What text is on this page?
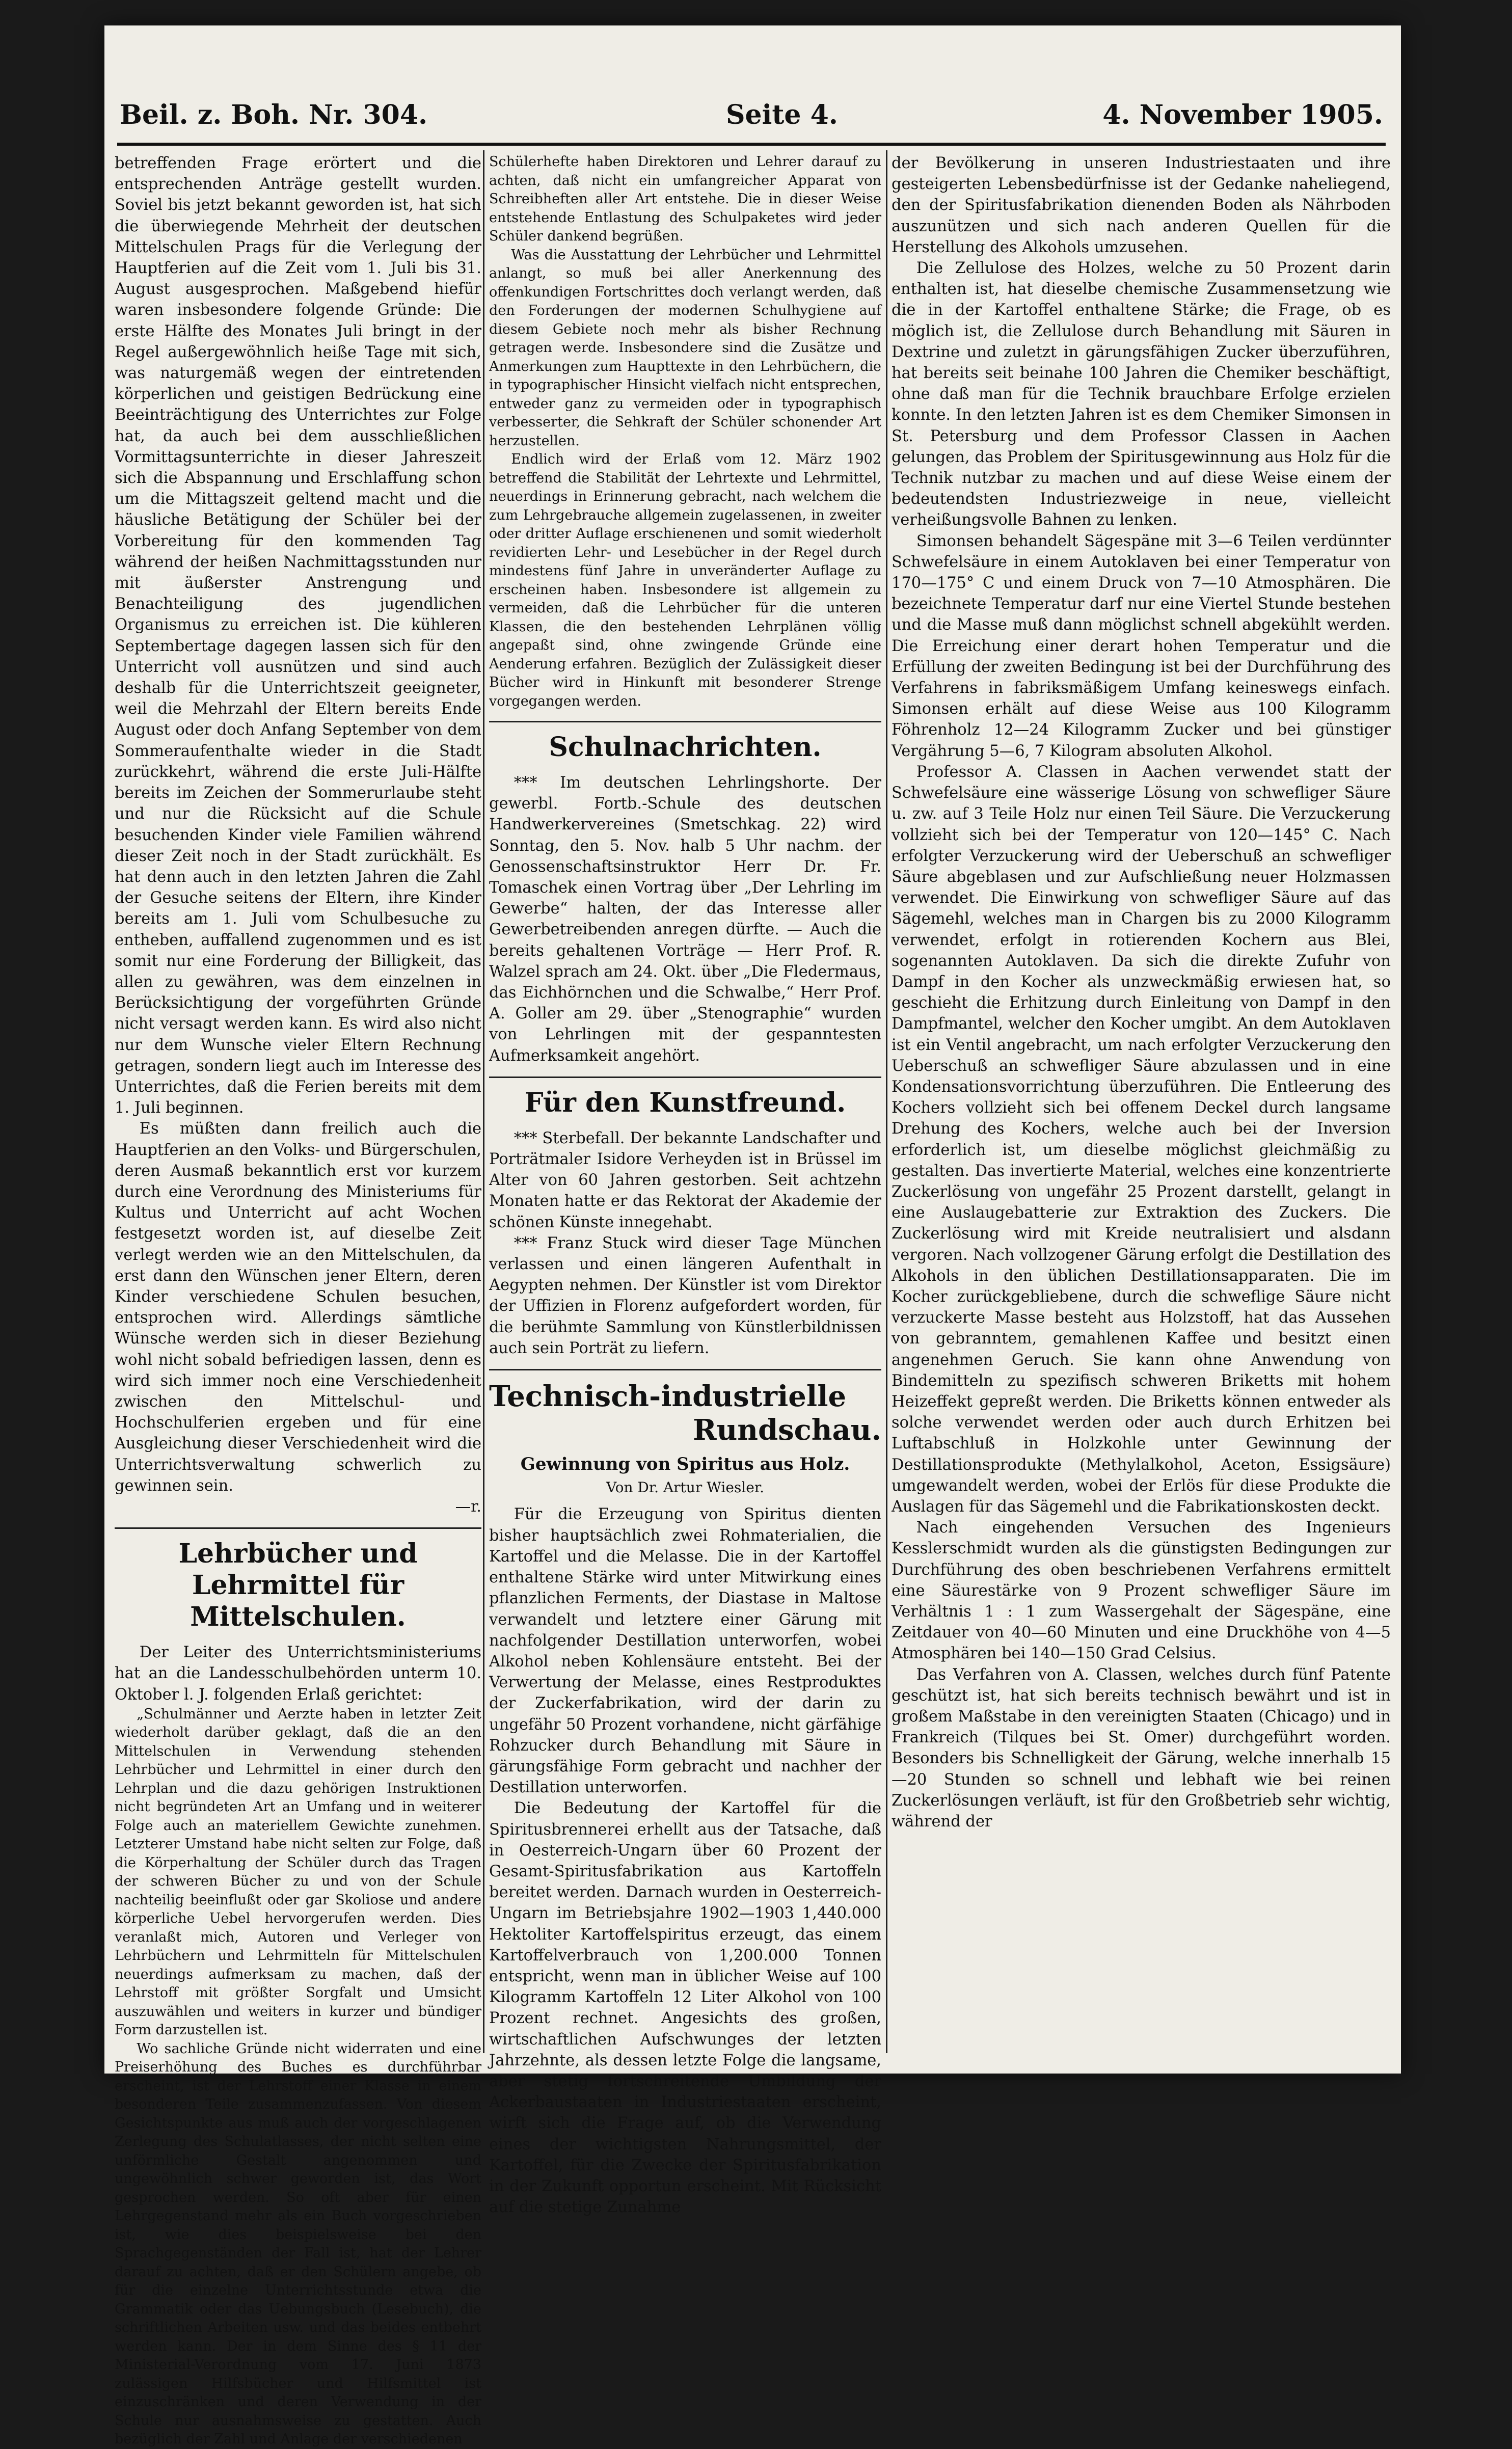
Beil. z. Boh. Nr. 304.	Seite 4.	4. November 1905.

betreffenden Frage erörtert und die entsprechenden Anträge gestellt wurden. Soviel bis jetzt bekannt geworden ist, hat sich die überwiegende Mehrheit der deutschen Mittelschulen Prags für die Verlegung der Hauptferien auf die Zeit vom 1. Juli bis 31. August ausgesprochen. Maßgebend hiefür waren insbesondere folgende Gründe: Die erste Hälfte des Monates Juli bringt in der Regel außergewöhnlich heiße Tage mit sich, was naturgemäß wegen der eintretenden körperlichen und geistigen Bedrückung eine Beeinträchtigung des Unterrichtes zur Folge hat, da auch bei dem ausschließlichen Vormittagsunterrichte in dieser Jahreszeit sich die Abspannung und Erschlaffung schon um die Mittagszeit geltend macht und die häusliche Betätigung der Schüler bei der Vorbereitung für den kommenden Tag während der heißen Nachmittagsstunden nur mit äußerster Anstrengung und Benachteiligung des jugendlichen Organismus zu erreichen ist. Die kühleren Septembertage dagegen lassen sich für den Unterricht voll ausnützen und sind auch deshalb für die Unterrichtszeit geeigneter, weil die Mehrzahl der Eltern bereits Ende August oder doch Anfang September von dem Sommeraufenthalte wieder in die Stadt zurückkehrt, während die erste Juli-Hälfte bereits im Zeichen der Sommerurlaube steht und nur die Rücksicht auf die Schule besuchenden Kinder viele Familien während dieser Zeit noch in der Stadt zurückhält. Es hat denn auch in den letzten Jahren die Zahl der Gesuche seitens der Eltern, ihre Kinder bereits am 1. Juli vom Schulbesuche zu entheben, auffallend zugenommen und es ist somit nur eine Forderung der Billigkeit, das allen zu gewähren, was dem einzelnen in Berücksichtigung der vorgeführten Gründe nicht versagt werden kann. Es wird also nicht nur dem Wunsche vieler Eltern Rechnung getragen, sondern liegt auch im Interesse des Unterrichtes, daß die Ferien bereits mit dem 1. Juli beginnen.

Es müßten dann freilich auch die Hauptferien an den Volks- und Bürgerschulen, deren Ausmaß bekanntlich erst vor kurzem durch eine Verordnung des Ministeriums für Kultus und Unterricht auf acht Wochen festgesetzt worden ist, auf dieselbe Zeit verlegt werden wie an den Mittelschulen, da erst dann den Wünschen jener Eltern, deren Kinder verschiedene Schulen besuchen, entsprochen wird. Allerdings sämtliche Wünsche werden sich in dieser Beziehung wohl nicht sobald befriedigen lassen, denn es wird sich immer noch eine Verschiedenheit zwischen den Mittelschul- und Hochschulferien ergeben und für eine Ausgleichung dieser Verschiedenheit wird die Unterrichtsverwaltung schwerlich zu gewinnen sein.

—r.
Lehrbücher und Lehrmittel für Mittelschulen.

Der Leiter des Unterrichtsministeriums hat an die Landesschulbehörden unterm 10. Oktober l. J. folgenden Erlaß gerichtet:

„Schulmänner und Aerzte haben in letzter Zeit wiederholt darüber geklagt, daß die an den Mittelschulen in Verwendung stehenden Lehrbücher und Lehrmittel in einer durch den Lehrplan und die dazu gehörigen Instruktionen nicht begründeten Art an Umfang und in weiterer Folge auch an materiellem Gewichte zunehmen. Letzterer Umstand habe nicht selten zur Folge, daß die Körperhaltung der Schüler durch das Tragen der schweren Bücher zu und von der Schule nachteilig beeinflußt oder gar Skoliose und andere körperliche Uebel hervorgerufen werden. Dies veranlaßt mich, Autoren und Verleger von Lehrbüchern und Lehrmitteln für Mittelschulen neuerdings aufmerksam zu machen, daß der Lehrstoff mit größter Sorgfalt und Umsicht auszuwählen und weiters in kurzer und bündiger Form darzustellen ist.

Wo sachliche Gründe nicht widerraten und eine Preiserhöhung des Buches es durchführbar erscheint, ist der Lehrstoff einer Klasse in einem besonderen Teile zusammenzufassen. Von diesem Gesichtspunkte aus muß auch der vorgeschlagenen Zerlegung des Schulatlasses, der nicht selten eine unförmliche Gestalt angenommen und ungewöhnlich schwer geworden ist, das Wort gesprochen werden. So oft aber für einen Lehrgegenstand mehr als ein Buch vorgeschrieben ist, wie dies beispielsweise bei den Sprachgegenständen der Fall ist, hat der Lehrer darauf zu achten, daß er den Schülern angebe, ob für die einzelne Unterrichtsstunde etwa die Grammatik oder das Uebungsbuch (Lesebuch), die schriftlichen Arbeiten usw. und das beides entbehrt werden kann. Der in dem Sinne des § 11 der Ministerial-Verordnung vom 17. Juni 1873 zulässigen Hilfsbücher und Hilfsmittel ist einzuschränken und deren Verwendung in der Schule nur ausnahmsweise zu gestatten. Auch bezüglich der Zahl und Anlage der verschiedenen

Schülerhefte haben Direktoren und Lehrer darauf zu achten, daß nicht ein umfangreicher Apparat von Schreibheften aller Art entstehe. Die in dieser Weise entstehende Entlastung des Schulpaketes wird jeder Schüler dankend begrüßen.

Was die Ausstattung der Lehrbücher und Lehrmittel anlangt, so muß bei aller Anerkennung des offenkundigen Fortschrittes doch verlangt werden, daß den Forderungen der modernen Schulhygiene auf diesem Gebiete noch mehr als bisher Rechnung getragen werde. Insbesondere sind die Zusätze und Anmerkungen zum Haupttexte in den Lehrbüchern, die in typographischer Hinsicht vielfach nicht entsprechen, entweder ganz zu vermeiden oder in typographisch verbesserter, die Sehkraft der Schüler schonender Art herzustellen.

Endlich wird der Erlaß vom 12. März 1902 betreffend die Stabilität der Lehrtexte und Lehrmittel, neuerdings in Erinnerung gebracht, nach welchem die zum Lehrgebrauche allgemein zugelassenen, in zweiter oder dritter Auflage erschienenen und somit wiederholt revidierten Lehr- und Lesebücher in der Regel durch mindestens fünf Jahre in unveränderter Auflage zu erscheinen haben. Insbesondere ist allgemein zu vermeiden, daß die Lehrbücher für die unteren Klassen, die den bestehenden Lehrplänen völlig angepaßt sind, ohne zwingende Gründe eine Aenderung erfahren. Bezüglich der Zulässigkeit dieser Bücher wird in Hinkunft mit besonderer Strenge vorgegangen werden.

Schulnachrichten.

*** Im deutschen Lehrlingshorte. Der gewerbl. Fortb.-Schule des deutschen Handwerkervereines (Smetschkag. 22) wird Sonntag, den 5. Nov. halb 5 Uhr nachm. der Genossenschaftsinstruktor Herr Dr. Fr. Tomaschek einen Vortrag über „Der Lehrling im Gewerbe“ halten, der das Interesse aller Gewerbetreibenden anregen dürfte. — Auch die bereits gehaltenen Vorträge — Herr Prof. R. Walzel sprach am 24. Okt. über „Die Fledermaus, das Eichhörnchen und die Schwalbe,“ Herr Prof. A. Goller am 29. über „Stenographie“ wurden von Lehrlingen mit der gespanntesten Aufmerksamkeit angehört.

Für den Kunstfreund.

*** Sterbefall. Der bekannte Landschafter und Porträtmaler Isidore Verheyden ist in Brüssel im Alter von 60 Jahren gestorben. Seit achtzehn Monaten hatte er das Rektorat der Akademie der schönen Künste innegehabt.

*** Franz Stuck wird dieser Tage München verlassen und einen längeren Aufenthalt in Aegypten nehmen. Der Künstler ist vom Direktor der Uffizien in Florenz aufgefordert worden, für die berühmte Sammlung von Künstlerbildnissen auch sein Porträt zu liefern.

Technisch-industrielle
Rundschau.
Gewinnung von Spiritus aus Holz.
Von Dr. Artur Wiesler.

Für die Erzeugung von Spiritus dienten bisher hauptsächlich zwei Rohmaterialien, die Kartoffel und die Melasse. Die in der Kartoffel enthaltene Stärke wird unter Mitwirkung eines pflanzlichen Ferments, der Diastase in Maltose verwandelt und letztere einer Gärung mit nachfolgender Destillation unterworfen, wobei Alkohol neben Kohlensäure entsteht. Bei der Verwertung der Melasse, eines Restproduktes der Zuckerfabrikation, wird der darin zu ungefähr 50 Prozent vorhandene, nicht gärfähige Rohzucker durch Behandlung mit Säure in gärungsfähige Form gebracht und nachher der Destillation unterworfen.

Die Bedeutung der Kartoffel für die Spiritusbrennerei erhellt aus der Tatsache, daß in Oesterreich-Ungarn über 60 Prozent der Gesamt-Spiritusfabrikation aus Kartoffeln bereitet werden. Darnach wurden in Oesterreich-Ungarn im Betriebsjahre 1902—1903 1,440.000 Hektoliter Kartoffelspiritus erzeugt, das einem Kartoffelverbrauch von 1,200.000 Tonnen entspricht, wenn man in üblicher Weise auf 100 Kilogramm Kartoffeln 12 Liter Alkohol von 100 Prozent rechnet. Angesichts des großen, wirtschaftlichen Aufschwunges der letzten Jahrzehnte, als dessen letzte Folge die langsame, aber stetig fortschreitende Umbildung der Ackerbaustaaten in Industriestaaten erscheint, wirft sich die Frage auf, ob die Verwendung eines der wichtigsten Nahrungsmittel, der Kartoffel, für die Zwecke der Spiritusfabrikation in der Zukunft opportun erscheint. Mit Rücksicht auf die stetige Zunahme

der Bevölkerung in unseren Industriestaaten und ihre gesteigerten Lebensbedürfnisse ist der Gedanke naheliegend, den der Spiritusfabrikation dienenden Boden als Nährboden auszunützen und sich nach anderen Quellen für die Herstellung des Alkohols umzusehen.

Die Zellulose des Holzes, welche zu 50 Prozent darin enthalten ist, hat dieselbe chemische Zusammensetzung wie die in der Kartoffel enthaltene Stärke; die Frage, ob es möglich ist, die Zellulose durch Behandlung mit Säuren in Dextrine und zuletzt in gärungsfähigen Zucker überzuführen, hat bereits seit beinahe 100 Jahren die Chemiker beschäftigt, ohne daß man für die Technik brauchbare Erfolge erzielen konnte. In den letzten Jahren ist es dem Chemiker Simonsen in St. Petersburg und dem Professor Classen in Aachen gelungen, das Problem der Spiritusgewinnung aus Holz für die Technik nutzbar zu machen und auf diese Weise einem der bedeutendsten Industriezweige in neue, vielleicht verheißungsvolle Bahnen zu lenken.

Simonsen behandelt Sägespäne mit 3—6 Teilen verdünnter Schwefelsäure in einem Autoklaven bei einer Temperatur von 170—175° C und einem Druck von 7—10 Atmosphären. Die bezeichnete Temperatur darf nur eine Viertel Stunde bestehen und die Masse muß dann möglichst schnell abgekühlt werden. Die Erreichung einer derart hohen Temperatur und die Erfüllung der zweiten Bedingung ist bei der Durchführung des Verfahrens in fabriksmäßigem Umfang keineswegs einfach. Simonsen erhält auf diese Weise aus 100 Kilogramm Föhrenholz 12—24 Kilogramm Zucker und bei günstiger Vergährung 5—6, 7 Kilogram absoluten Alkohol.

Professor A. Classen in Aachen verwendet statt der Schwefelsäure eine wässerige Lösung von schwefliger Säure u. zw. auf 3 Teile Holz nur einen Teil Säure. Die Verzuckerung vollzieht sich bei der Temperatur von 120—145° C. Nach erfolgter Verzuckerung wird der Ueberschuß an schwefliger Säure abgeblasen und zur Aufschließung neuer Holzmassen verwendet. Die Einwirkung von schwefliger Säure auf das Sägemehl, welches man in Chargen bis zu 2000 Kilogramm verwendet, erfolgt in rotierenden Kochern aus Blei, sogenannten Autoklaven. Da sich die direkte Zufuhr von Dampf in den Kocher als unzweckmäßig erwiesen hat, so geschieht die Erhitzung durch Einleitung von Dampf in den Dampfmantel, welcher den Kocher umgibt. An dem Autoklaven ist ein Ventil angebracht, um nach erfolgter Verzuckerung den Ueberschuß an schwefliger Säure abzulassen und in eine Kondensationsvorrichtung überzuführen. Die Entleerung des Kochers vollzieht sich bei offenem Deckel durch langsame Drehung des Kochers, welche auch bei der Inversion erforderlich ist, um dieselbe möglichst gleichmäßig zu gestalten. Das invertierte Material, welches eine konzentrierte Zuckerlösung von ungefähr 25 Prozent darstellt, gelangt in eine Auslaugebatterie zur Extraktion des Zuckers. Die Zuckerlösung wird mit Kreide neutralisiert und alsdann vergoren. Nach vollzogener Gärung erfolgt die Destillation des Alkohols in den üblichen Destillationsapparaten. Die im Kocher zurückgebliebene, durch die schweflige Säure nicht verzuckerte Masse besteht aus Holzstoff, hat das Aussehen von gebranntem, gemahlenen Kaffee und besitzt einen angenehmen Geruch. Sie kann ohne Anwendung von Bindemitteln zu spezifisch schweren Briketts mit hohem Heizeffekt gepreßt werden. Die Briketts können entweder als solche verwendet werden oder auch durch Erhitzen bei Luftabschluß in Holzkohle unter Gewinnung der Destillationsprodukte (Methylalkohol, Aceton, Essigsäure) umgewandelt werden, wobei der Erlös für diese Produkte die Auslagen für das Sägemehl und die Fabrikationskosten deckt.

Nach eingehenden Versuchen des Ingenieurs Kesslerschmidt wurden als die günstigsten Bedingungen zur Durchführung des oben beschriebenen Verfahrens ermittelt eine Säurestärke von 9 Prozent schwefliger Säure im Verhältnis 1 : 1 zum Wassergehalt der Sägespäne, eine Zeitdauer von 40—60 Minuten und eine Druckhöhe von 4—5 Atmosphären bei 140—150 Grad Celsius.

Das Verfahren von A. Classen, welches durch fünf Patente geschützt ist, hat sich bereits technisch bewährt und ist in großem Maßstabe in den vereinigten Staaten (Chicago) und in Frankreich (Tilques bei St. Omer) durchgeführt worden. Besonders bis Schnelligkeit der Gärung, welche innerhalb 15—20 Stunden so schnell und lebhaft wie bei reinen Zuckerlösungen verläuft, ist für den Großbetrieb sehr wichtig, während der
